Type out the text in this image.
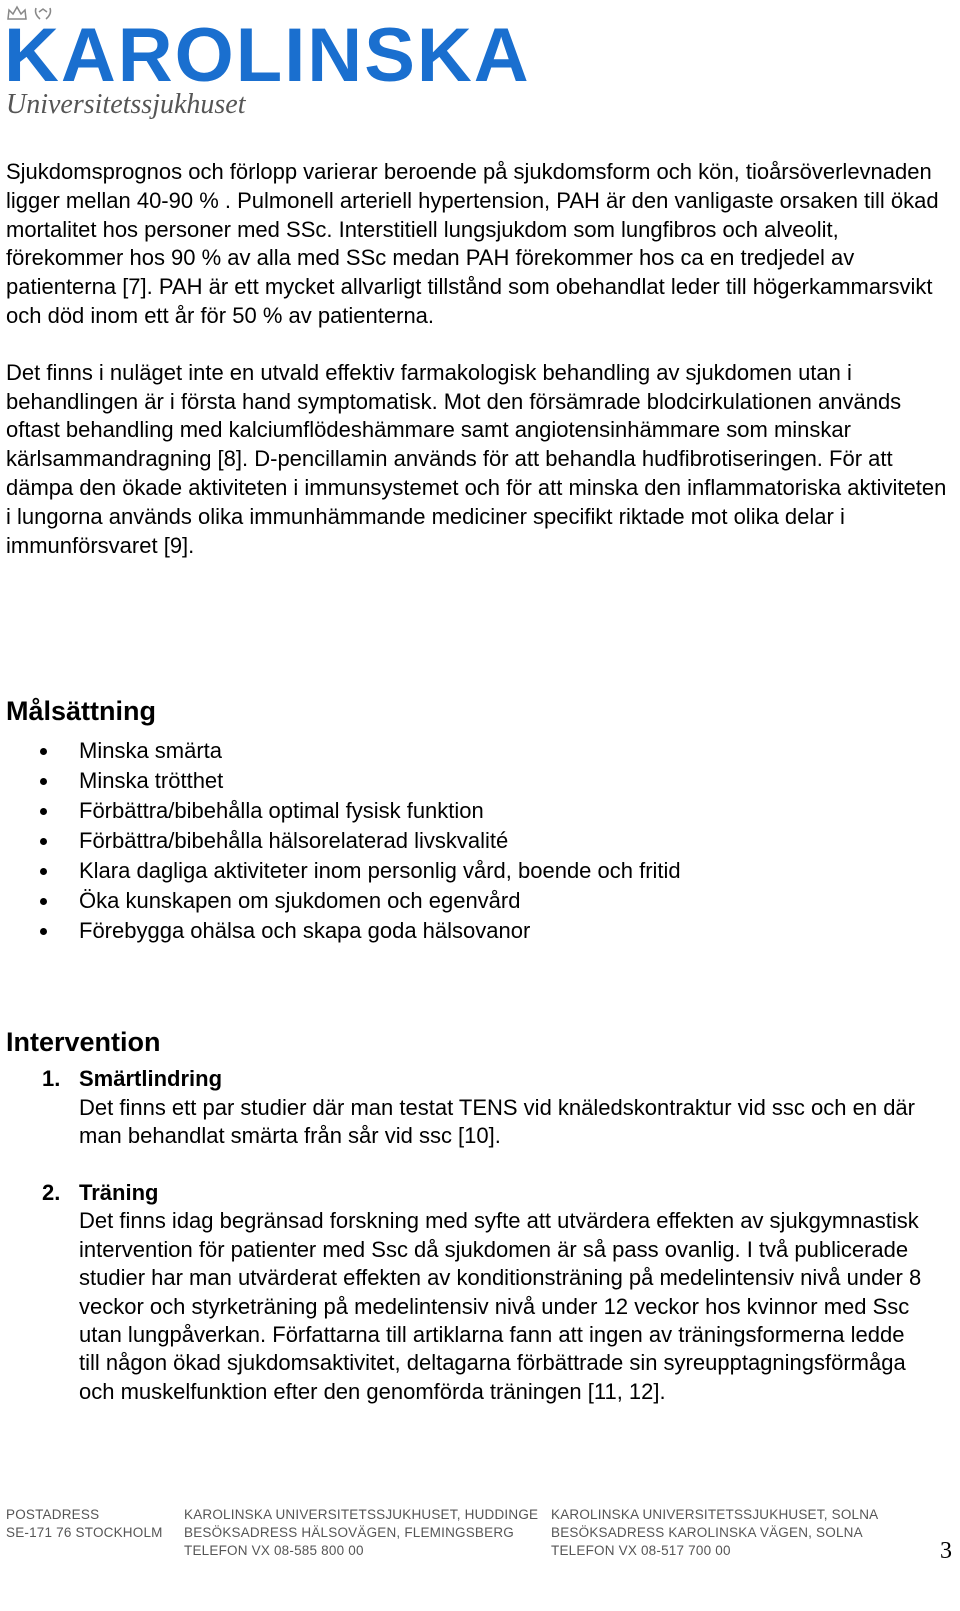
KAROLINSKA
Universitetssjukhuset

Sjukdomsprognos och förlopp varierar beroende på sjukdomsform och kön, tioårsöverlevnaden ligger mellan 40-90 % . Pulmonell arteriell hypertension, PAH är den vanligaste orsaken till ökad mortalitet hos personer med SSc. Interstitiell lungsjukdom som lungfibros och alveolit, förekommer hos 90 % av alla med SSc medan PAH förekommer hos ca en tredjedel av patienterna [7]. PAH är ett mycket allvarligt tillstånd som obehandlat leder till högerkammarsvikt och död inom ett år för 50 % av patienterna.

Det finns i nuläget inte en utvald effektiv farmakologisk behandling av sjukdomen utan i behandlingen är i första hand symptomatisk. Mot den försämrade blodcirkulationen används oftast behandling med kalciumflödeshämmare samt angiotensinhämmare som minskar kärlsammandragning [8]. D-pencillamin används för att behandla hudfibrotiseringen. För att dämpa den ökade aktiviteten i immunsystemet och för att minska den inflammatoriska aktiviteten i lungorna används olika immunhämmande mediciner specifikt riktade mot olika delar i immunförsvaret [9].

Målsättning
Minska smärta
Minska trötthet
Förbättra/bibehålla optimal fysisk funktion
Förbättra/bibehålla hälsorelaterad livskvalité
Klara dagliga aktiviteter inom personlig vård, boende och fritid
Öka kunskapen om sjukdomen och egenvård
Förebygga ohälsa och skapa goda hälsovanor
Intervention
1. Smärtlindring
Det finns ett par studier där man testat TENS vid knäledskontraktur vid ssc och en där man behandlat smärta från sår vid ssc [10].
2. Träning
Det finns idag begränsad forskning med syfte att utvärdera effekten av sjukgymnastisk intervention för patienter med Ssc då sjukdomen är så pass ovanlig. I två publicerade studier har man utvärderat effekten av konditionsträning på medelintensiv nivå under 8 veckor och styrketräning på medelintensiv nivå under 12 veckor hos kvinnor med Ssc utan lungpåverkan. Författarna till artiklarna fann att ingen av träningsformerna ledde till någon ökad sjukdomsaktivitet, deltagarna förbättrade sin syreupptagningsförmåga och muskelfunktion efter den genomförda träningen [11, 12].
POSTADRESS
SE-171 76 STOCKHOLM
KAROLINSKA UNIVERSITETSSJUKHUSET, HUDDINGE
BESÖKSADRESS HÄLSOVÄGEN, FLEMINGSBERG
TELEFON VX 08-585 800 00
KAROLINSKA UNIVERSITETSSJUKHUSET, SOLNA
BESÖKSADRESS KAROLINSKA VÄGEN, SOLNA
TELEFON VX 08-517 700 00	3
